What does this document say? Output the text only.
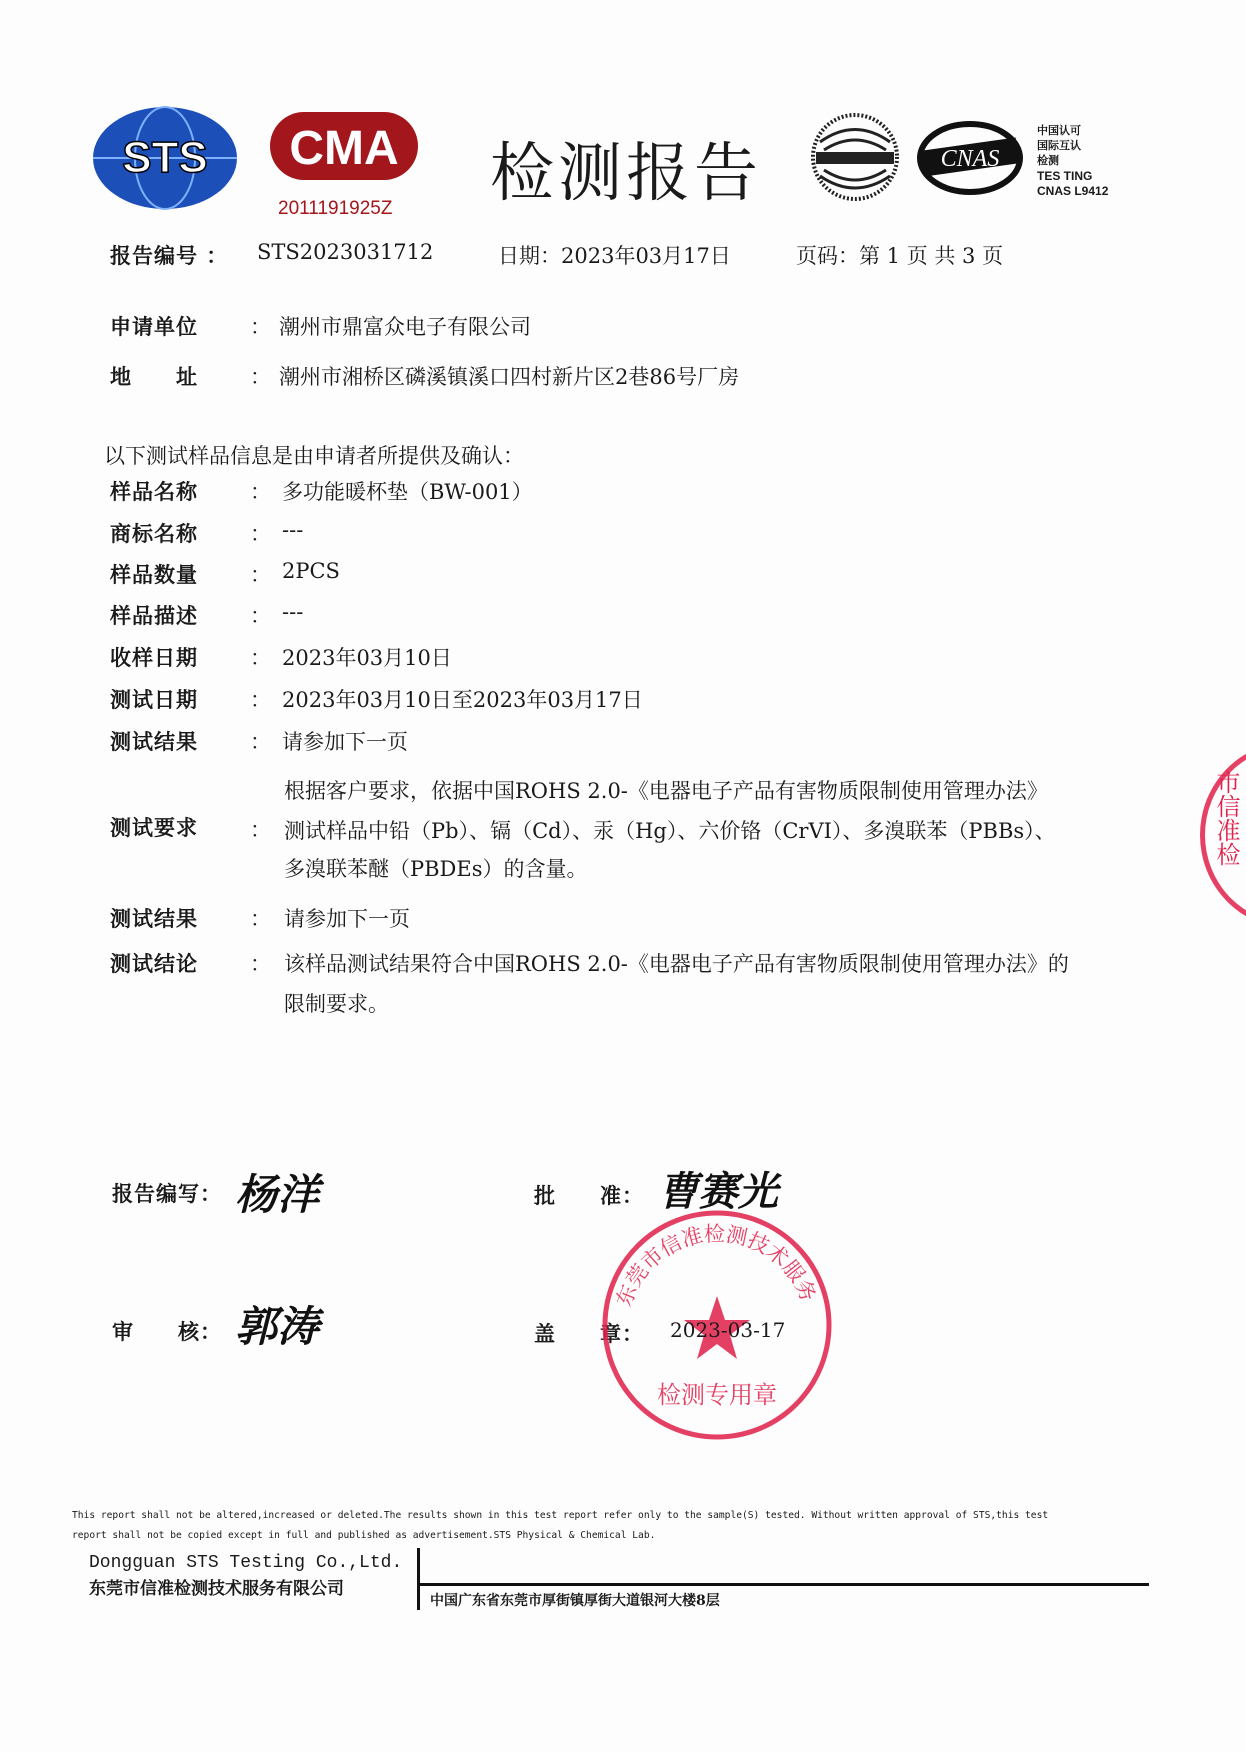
STS CMA
2011191925Z 检测报告	CNAS
中国认可
国际互认
检测
TES TING
CNAS L9412
报告编号 ： STS2023031712	日期：2023年03月17日	页码：第 1 页 共 3 页
申请单位 ： 潮州市鼎富众电子有限公司
地　　址 ： 潮州市湘桥区磷溪镇溪口四村新片区2巷86号厂房
以下测试样品信息是由申请者所提供及确认：
样品名称 ： 多功能暖杯垫（BW-001）
商标名称 ： ---
样品数量 ： 2PCS
样品描述 ： ---
收样日期 ： 2023年03月10日
测试日期 ： 2023年03月10日至2023年03月17日
测试结果 ： 请参加下一页
测试要求 ：
根据客户要求，依据中国ROHS 2.0-《电器电子产品有害物质限制使用管理办法》
测试样品中铅（Pb）、镉（Cd）、汞（Hg）、六价铬（CrVI）、多溴联苯（PBBs）、
多溴联苯醚（PBDEs）的含量。
测试结果 ： 请参加下一页
测试结论 ： 该样品测试结果符合中国ROHS 2.0-《电器电子产品有害物质限制使用管理办法》的
限制要求。
报告编写： 杨洋	批　　准： 曹赛光
审　　核： 郭涛	盖　　章：
东莞市信准检测技术服务
检测专用章
2023-03-17
市信准检
This report shall not be altered,increased or deleted.The results shown in this test report refer only to the sample(S) tested. Without written approval of STS,this test
report shall not be copied except in full and published as advertisement.STS Physical & Chemical Lab.
Dongguan STS Testing Co.,Ltd.
东莞市信准检测技术服务有限公司
中国广东省东莞市厚街镇厚街大道银河大楼8层
